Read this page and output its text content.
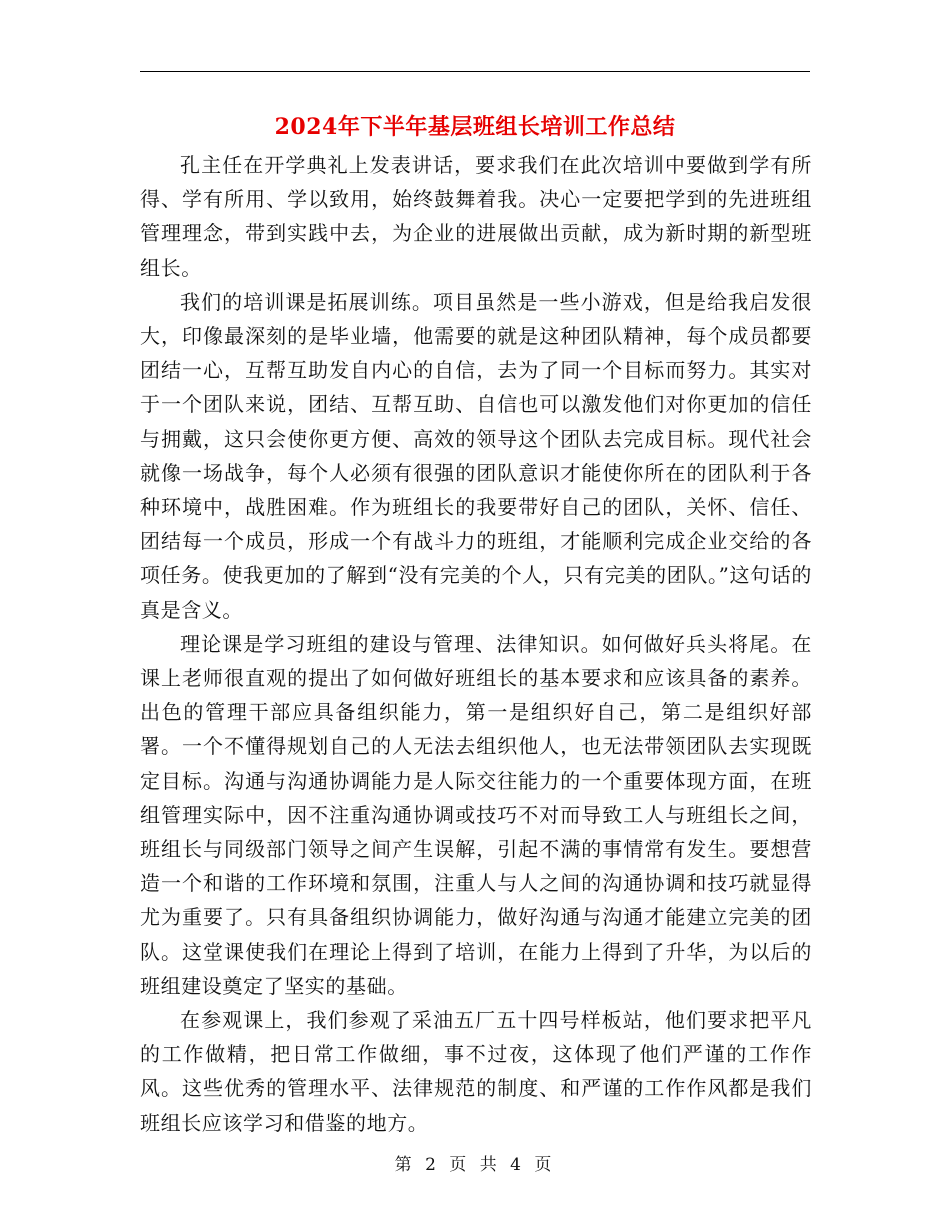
2024年下半年基层班组长培训工作总结

孔主任在开学典礼上发表讲话，要求我们在此次培训中要做到学有所得、学有所用、学以致用，始终鼓舞着我。决心一定要把学到的先进班组管理理念，带到实践中去，为企业的进展做出贡献，成为新时期的新型班组长。

我们的培训课是拓展训练。项目虽然是一些小游戏，但是给我启发很大，印像最深刻的是毕业墙，他需要的就是这种团队精神，每个成员都要团结一心，互帮互助发自内心的自信，去为了同一个目标而努力。其实对于一个团队来说，团结、互帮互助、自信也可以激发他们对你更加的信任与拥戴，这只会使你更方便、高效的领导这个团队去完成目标。现代社会就像一场战争，每个人必须有很强的团队意识才能使你所在的团队利于各种环境中，战胜困难。作为班组长的我要带好自己的团队，关怀、信任、团结每一个成员，形成一个有战斗力的班组，才能顺利完成企业交给的各项任务。使我更加的了解到“没有完美的个人，只有完美的团队。”这句话的真是含义。

理论课是学习班组的建设与管理、法律知识。如何做好兵头将尾。在课上老师很直观的提出了如何做好班组长的基本要求和应该具备的素养。出色的管理干部应具备组织能力，第一是组织好自己，第二是组织好部署。一个不懂得规划自己的人无法去组织他人，也无法带领团队去实现既定目标。沟通与沟通协调能力是人际交往能力的一个重要体现方面，在班组管理实际中，因不注重沟通协调或技巧不对而导致工人与班组长之间，班组长与同级部门领导之间产生误解，引起不满的事情常有发生。要想营造一个和谐的工作环境和氛围，注重人与人之间的沟通协调和技巧就显得尤为重要了。只有具备组织协调能力，做好沟通与沟通才能建立完美的团队。这堂课使我们在理论上得到了培训，在能力上得到了升华，为以后的班组建设奠定了坚实的基础。

在参观课上，我们参观了采油五厂五十四号样板站，他们要求把平凡的工作做精，把日常工作做细，事不过夜，这体现了他们严谨的工作作风。这些优秀的管理水平、法律规范的制度、和严谨的工作作风都是我们班组长应该学习和借鉴的地方。

第 2 页 共 4 页
